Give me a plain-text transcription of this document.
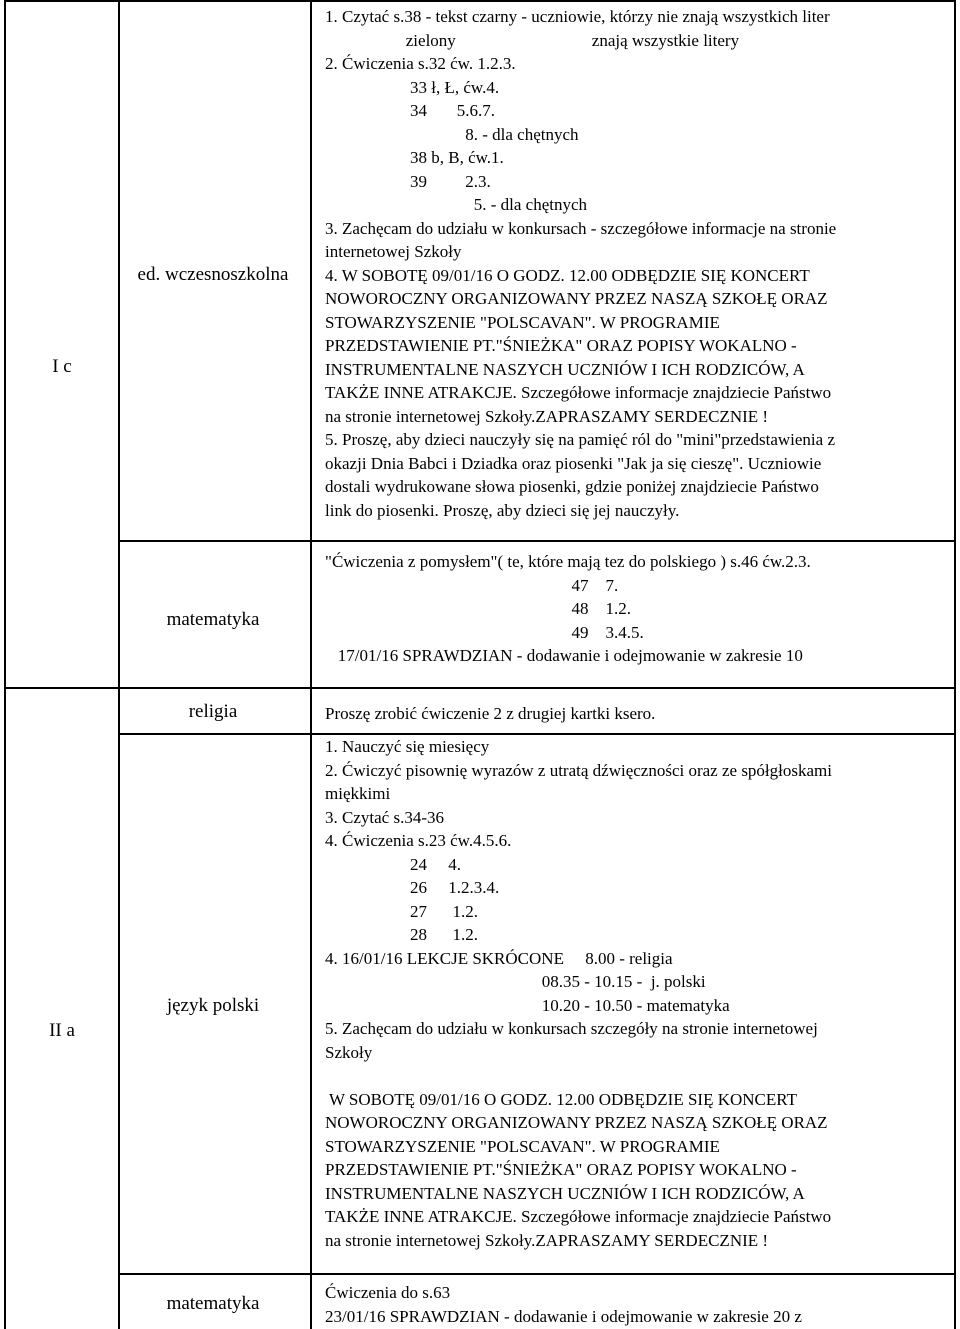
I c
II a
ed. wczesnoszkolna
matematyka
religia
język polski
matematyka
1. Czytać s.38 - tekst czarny - uczniowie, którzy nie znają wszystkich liter
zielony                                znają wszystkie litery
2. Ćwiczenia s.32 ćw. 1.2.3.
33 ł, Ł, ćw.4.
34       5.6.7.
8. - dla chętnych
38 b, B, ćw.1.
39         2.3.
5. - dla chętnych
3. Zachęcam do udziału w konkursach - szczegółowe informacje na stronie
internetowej Szkoły
4. W SOBOTĘ 09/01/16 O GODZ. 12.00 ODBĘDZIE SIĘ KONCERT
NOWOROCZNY ORGANIZOWANY PRZEZ NASZĄ SZKOŁĘ ORAZ
STOWARZYSZENIE "POLSCAVAN". W PROGRAMIE
PRZEDSTAWIENIE PT."ŚNIEŻKA" ORAZ POPISY WOKALNO -
INSTRUMENTALNE NASZYCH UCZNIÓW I ICH RODZICÓW, A
TAKŻE INNE ATRAKCJE. Szczegółowe informacje znajdziecie Państwo
na stronie internetowej Szkoły.ZAPRASZAMY SERDECZNIE !
5. Proszę, aby dzieci nauczyły się na pamięć ról do "mini"przedstawienia z
okazji Dnia Babci i Dziadka oraz piosenki "Jak ja się cieszę". Uczniowie
dostali wydrukowane słowa piosenki, gdzie poniżej znajdziecie Państwo
link do piosenki. Proszę, aby dzieci się jej nauczyły.
"Ćwiczenia z pomysłem"( te, które mają tez do polskiego ) s.46 ćw.2.3.
47    7.
48    1.2.
49    3.4.5.
17/01/16 SPRAWDZIAN - dodawanie i odejmowanie w zakresie 10
Proszę zrobić ćwiczenie 2 z drugiej kartki ksero.
1. Nauczyć się miesięcy
2. Ćwiczyć pisownię wyrazów z utratą dźwięczności oraz ze spółgłoskami
miękkimi
3. Czytać s.34-36
4. Ćwiczenia s.23 ćw.4.5.6.
24     4.
26     1.2.3.4.
27      1.2.
28      1.2.
4. 16/01/16 LEKCJE SKRÓCONE     8.00 - religia
08.35 - 10.15 -  j. polski
10.20 - 10.50 - matematyka
5. Zachęcam do udziału w konkursach szczegóły na stronie internetowej
Szkoły
W SOBOTĘ 09/01/16 O GODZ. 12.00 ODBĘDZIE SIĘ KONCERT
NOWOROCZNY ORGANIZOWANY PRZEZ NASZĄ SZKOŁĘ ORAZ
STOWARZYSZENIE "POLSCAVAN". W PROGRAMIE
PRZEDSTAWIENIE PT."ŚNIEŻKA" ORAZ POPISY WOKALNO -
INSTRUMENTALNE NASZYCH UCZNIÓW I ICH RODZICÓW, A
TAKŻE INNE ATRAKCJE. Szczegółowe informacje znajdziecie Państwo
na stronie internetowej Szkoły.ZAPRASZAMY SERDECZNIE !
Ćwiczenia do s.63
23/01/16 SPRAWDZIAN - dodawanie i odejmowanie w zakresie 20 z
